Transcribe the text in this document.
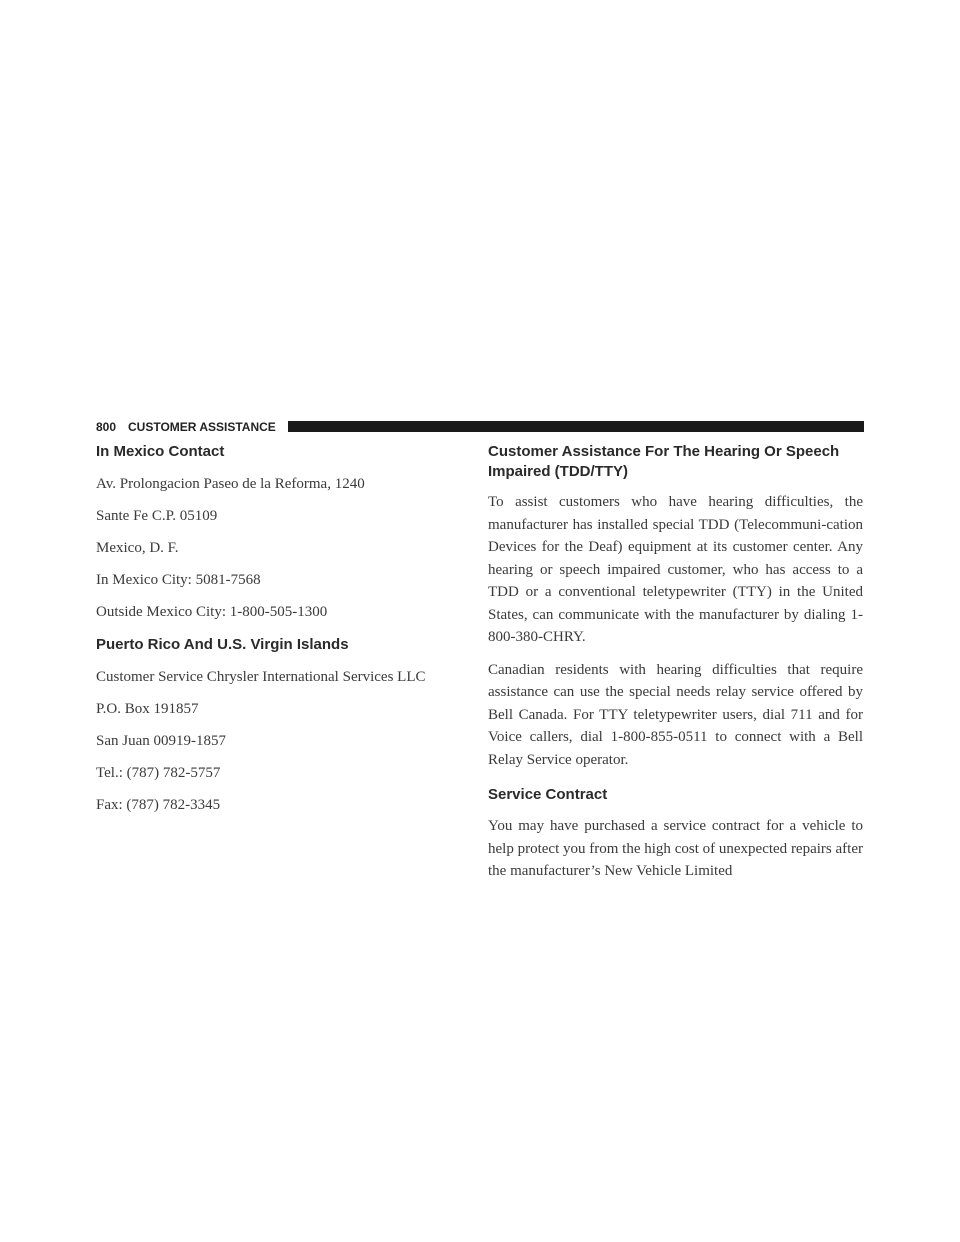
800 CUSTOMER ASSISTANCE
In Mexico Contact

Av. Prolongacion Paseo de la Reforma, 1240

Sante Fe C.P. 05109

Mexico, D. F.

In Mexico City: 5081-7568

Outside Mexico City: 1-800-505-1300

Puerto Rico And U.S. Virgin Islands

Customer Service Chrysler International Services LLC

P.O. Box 191857

San Juan 00919-1857

Tel.: (787) 782-5757

Fax: (787) 782-3345

Customer Assistance For The Hearing Or Speech
Impaired (TDD/TTY)

To assist customers who have hearing difficulties, the manufacturer has installed special TDD (Telecommuni-cation Devices for the Deaf) equipment at its customer center. Any hearing or speech impaired customer, who has access to a TDD or a conventional teletypewriter (TTY) in the United States, can communicate with the manufacturer by dialing 1-800-380-CHRY.

Canadian residents with hearing difficulties that require assistance can use the special needs relay service offered by Bell Canada. For TTY teletypewriter users, dial 711 and for Voice callers, dial 1-800-855-0511 to connect with a Bell Relay Service operator.

Service Contract

You may have purchased a service contract for a vehicle to help protect you from the high cost of unexpected repairs after the manufacturer’s New Vehicle Limited
